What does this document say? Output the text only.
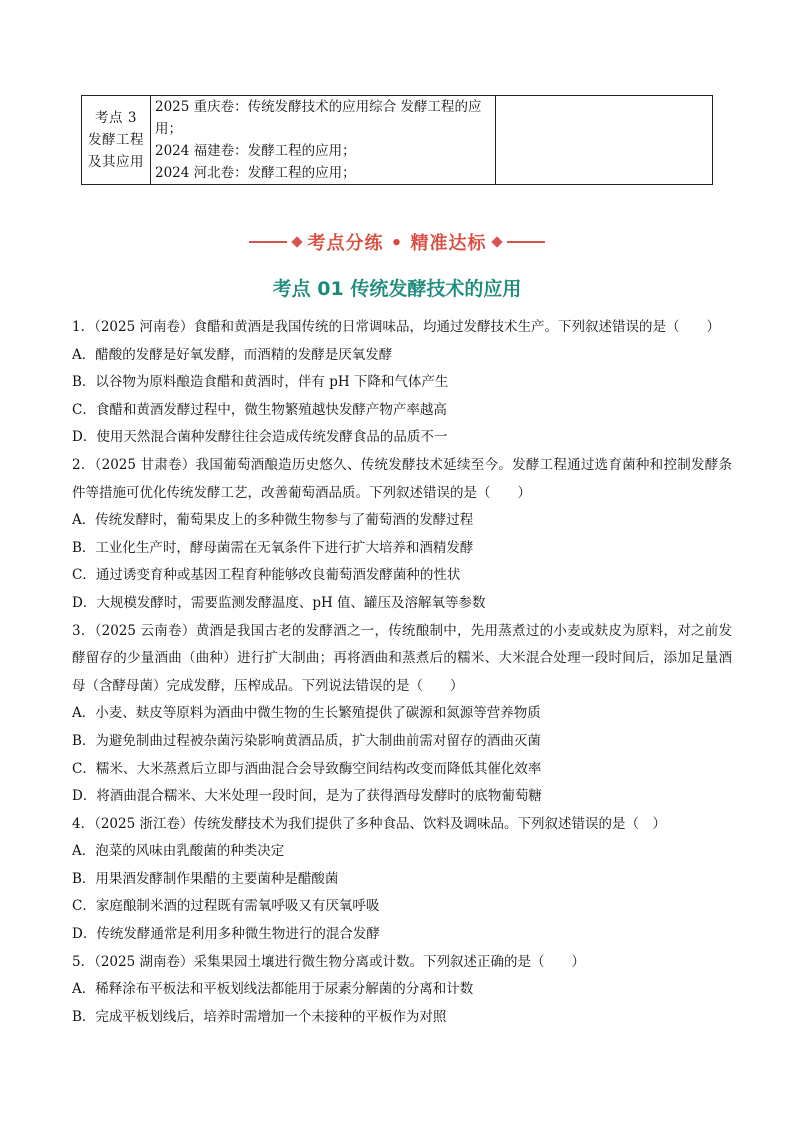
考点 3
发酵工程
及其应用

2025 重庆卷：传统发酵技术的应用综合 发酵工程的应
用；
2024 福建卷：发酵工程的应用；
2024 河北卷：发酵工程的应用；

考点分练 • 精准达标
考点 01 传统发酵技术的应用

1．（2025 河南卷）食醋和黄酒是我国传统的日常调味品，均通过发酵技术生产。下列叙述错误的是（　　）

A．醋酸的发酵是好氧发酵，而酒精的发酵是厌氧发酵

B．以谷物为原料酿造食醋和黄酒时，伴有 pH 下降和气体产生

C．食醋和黄酒发酵过程中，微生物繁殖越快发酵产物产率越高

D．使用天然混合菌种发酵往往会造成传统发酵食品的品质不一

2．（2025 甘肃卷）我国葡萄酒酿造历史悠久、传统发酵技术延续至今。发酵工程通过选育菌种和控制发酵条件等措施可优化传统发酵工艺，改善葡萄酒品质。下列叙述错误的是（　　）

A．传统发酵时，葡萄果皮上的多种微生物参与了葡萄酒的发酵过程

B．工业化生产时，酵母菌需在无氧条件下进行扩大培养和酒精发酵

C．通过诱变育种或基因工程育种能够改良葡萄酒发酵菌种的性状

D．大规模发酵时，需要监测发酵温度、pH 值、罐压及溶解氧等参数

3．（2025 云南卷）黄酒是我国古老的发酵酒之一，传统酿制中，先用蒸煮过的小麦或麸皮为原料，对之前发酵留存的少量酒曲（曲种）进行扩大制曲；再将酒曲和蒸煮后的糯米、大米混合处理一段时间后，添加足量酒母（含酵母菌）完成发酵，压榨成品。下列说法错误的是（　　）

A．小麦、麸皮等原料为酒曲中微生物的生长繁殖提供了碳源和氮源等营养物质

B．为避免制曲过程被杂菌污染影响黄酒品质，扩大制曲前需对留存的酒曲灭菌

C．糯米、大米蒸煮后立即与酒曲混合会导致酶空间结构改变而降低其催化效率

D．将酒曲混合糯米、大米处理一段时间，是为了获得酒母发酵时的底物葡萄糖

4．（2025 浙江卷）传统发酵技术为我们提供了多种食品、饮料及调味品。下列叙述错误的是（　）

A．泡菜的风味由乳酸菌的种类决定

B．用果酒发酵制作果醋的主要菌种是醋酸菌

C．家庭酿制米酒的过程既有需氧呼吸又有厌氧呼吸

D．传统发酵通常是利用多种微生物进行的混合发酵

5．（2025 湖南卷）采集果园土壤进行微生物分离或计数。下列叙述正确的是（　　）

A．稀释涂布平板法和平板划线法都能用于尿素分解菌的分离和计数

B．完成平板划线后，培养时需增加一个未接种的平板作为对照
